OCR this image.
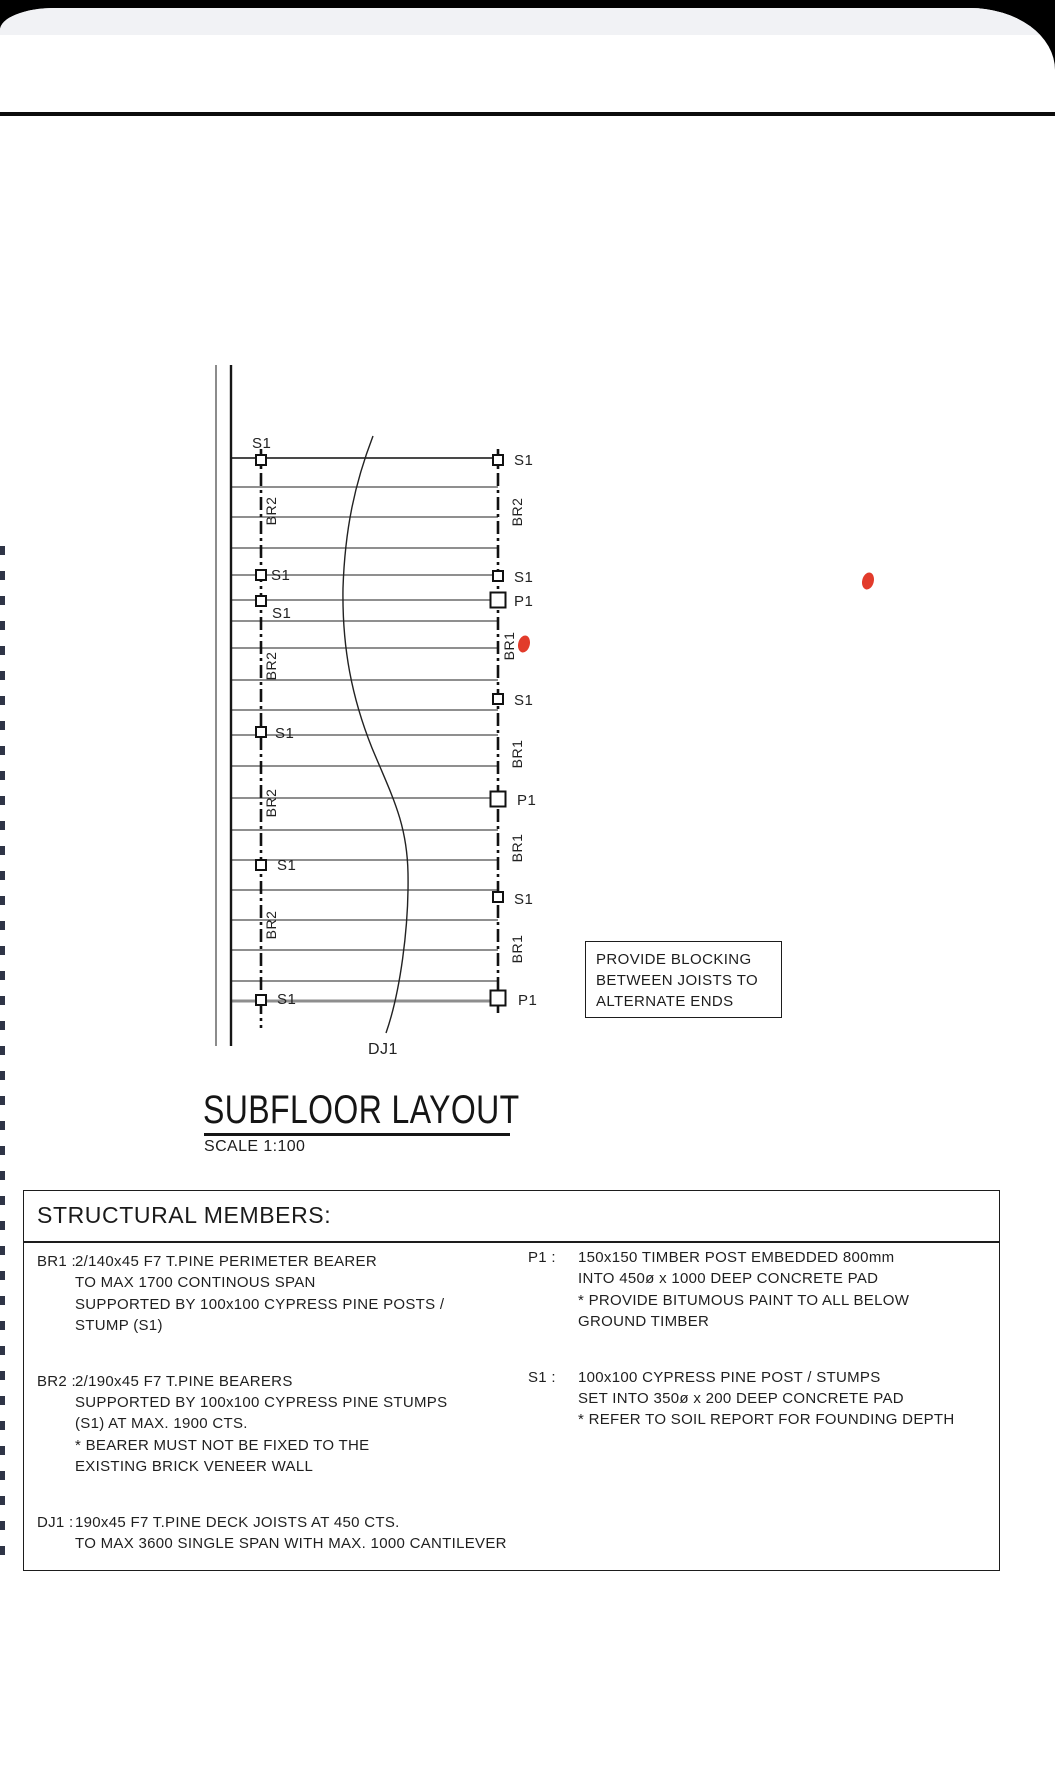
S1
BR2
S1
S1
BR2
S1
BR2
S1
BR2
S1
S1
BR2
S1
P1
BR1
S1
BR1
P1
BR1
S1
BR1
P1
DJ1
PROVIDE BLOCKING
BETWEEN JOISTS TO
ALTERNATE ENDS
SUBFLOOR LAYOUT
SCALE 1:100
STRUCTURAL MEMBERS:
BR1 :
2/140x45 F7 T.PINE PERIMETER BEARER
TO MAX 1700 CONTINOUS SPAN
SUPPORTED BY 100x100 CYPRESS PINE POSTS /
STUMP (S1)
BR2 :
2/190x45 F7 T.PINE BEARERS
SUPPORTED BY 100x100 CYPRESS PINE STUMPS
(S1) AT MAX. 1900 CTS.
* BEARER MUST NOT BE FIXED TO THE
EXISTING BRICK VENEER WALL
DJ1 : 190x45 F7 T.PINE DECK JOISTS AT 450 CTS.
TO MAX 3600 SINGLE SPAN WITH MAX. 1000 CANTILEVER
P1 : 150x150 TIMBER POST EMBEDDED 800mm
INTO 450ø x 1000 DEEP CONCRETE PAD
* PROVIDE BITUMOUS PAINT TO ALL BELOW
GROUND TIMBER
S1 : 100x100 CYPRESS PINE POST / STUMPS
SET INTO 350ø x 200 DEEP CONCRETE PAD
* REFER TO SOIL REPORT FOR FOUNDING DEPTH
